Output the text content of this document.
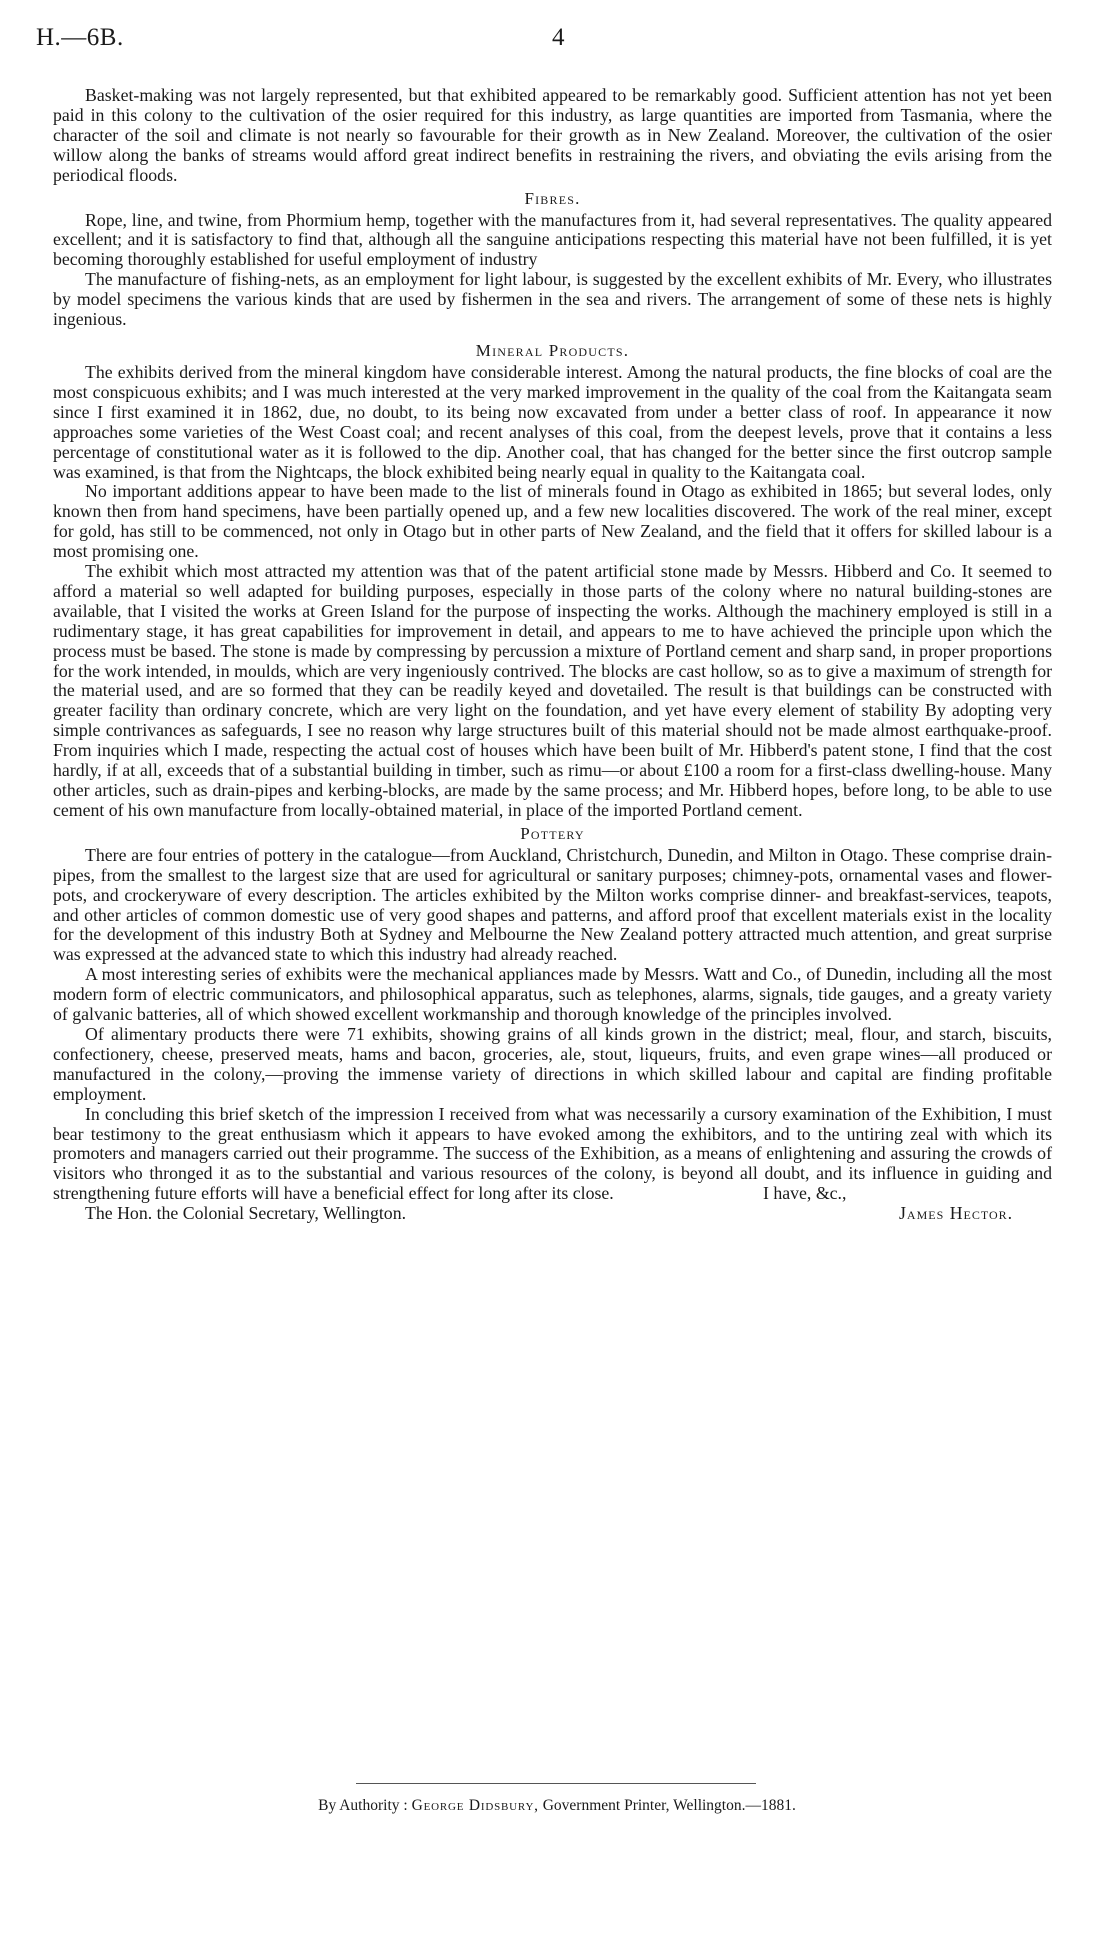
H.—6B.	4

Basket-making was not largely represented, but that exhibited appeared to be remarkably good. Sufficient attention has not yet been paid in this colony to the cultivation of the osier required for this industry, as large quantities are imported from Tasmania, where the character of the soil and climate is not nearly so favourable for their growth as in New Zealand. Moreover, the cultivation of the osier willow along the banks of streams would afford great indirect benefits in restraining the rivers, and obviating the evils arising from the periodical floods.

Fibres.

Rope, line, and twine, from Phormium hemp, together with the manufactures from it, had several representatives. The quality appeared excellent; and it is satisfactory to find that, although all the sanguine anticipations respecting this material have not been fulfilled, it is yet becoming thoroughly established for useful employment of industry

The manufacture of fishing-nets, as an employment for light labour, is suggested by the excellent exhibits of Mr. Every, who illustrates by model specimens the various kinds that are used by fishermen in the sea and rivers. The arrangement of some of these nets is highly ingenious.

Mineral Products.

The exhibits derived from the mineral kingdom have considerable interest. Among the natural products, the fine blocks of coal are the most conspicuous exhibits; and I was much interested at the very marked improvement in the quality of the coal from the Kaitangata seam since I first examined it in 1862, due, no doubt, to its being now excavated from under a better class of roof. In appearance it now approaches some varieties of the West Coast coal; and recent analyses of this coal, from the deepest levels, prove that it contains a less percentage of constitutional water as it is followed to the dip. Another coal, that has changed for the better since the first outcrop sample was examined, is that from the Nightcaps, the block exhibited being nearly equal in quality to the Kaitangata coal.

No important additions appear to have been made to the list of minerals found in Otago as exhibited in 1865; but several lodes, only known then from hand specimens, have been partially opened up, and a few new localities discovered. The work of the real miner, except for gold, has still to be commenced, not only in Otago but in other parts of New Zealand, and the field that it offers for skilled labour is a most promising one.

The exhibit which most attracted my attention was that of the patent artificial stone made by Messrs. Hibberd and Co. It seemed to afford a material so well adapted for building purposes, especially in those parts of the colony where no natural building-stones are available, that I visited the works at Green Island for the purpose of inspecting the works. Although the machinery employed is still in a rudimentary stage, it has great capabilities for improvement in detail, and appears to me to have achieved the principle upon which the process must be based. The stone is made by compressing by percussion a mixture of Portland cement and sharp sand, in proper proportions for the work intended, in moulds, which are very ingeniously contrived. The blocks are cast hollow, so as to give a maximum of strength for the material used, and are so formed that they can be readily keyed and dovetailed. The result is that buildings can be constructed with greater facility than ordinary concrete, which are very light on the foundation, and yet have every element of stability By adopting very simple contrivances as safeguards, I see no reason why large structures built of this material should not be made almost earthquake-proof. From inquiries which I made, respecting the actual cost of houses which have been built of Mr. Hibberd's patent stone, I find that the cost hardly, if at all, exceeds that of a substantial building in timber, such as rimu—or about £100 a room for a first-class dwelling-house. Many other articles, such as drain-pipes and kerbing-blocks, are made by the same process; and Mr. Hibberd hopes, before long, to be able to use cement of his own manufacture from locally-obtained material, in place of the imported Portland cement.

Pottery

There are four entries of pottery in the catalogue—from Auckland, Christchurch, Dunedin, and Milton in Otago. These comprise drain-pipes, from the smallest to the largest size that are used for agricultural or sanitary purposes; chimney-pots, ornamental vases and flower-pots, and crockeryware of every description. The articles exhibited by the Milton works comprise dinner- and breakfast-services, teapots, and other articles of common domestic use of very good shapes and patterns, and afford proof that excellent materials exist in the locality for the development of this industry Both at Sydney and Melbourne the New Zealand pottery attracted much attention, and great surprise was expressed at the advanced state to which this industry had already reached.

A most interesting series of exhibits were the mechanical appliances made by Messrs. Watt and Co., of Dunedin, including all the most modern form of electric communicators, and philosophical apparatus, such as telephones, alarms, signals, tide gauges, and a greaty variety of galvanic batteries, all of which showed excellent workmanship and thorough knowledge of the principles involved.

Of alimentary products there were 71 exhibits, showing grains of all kinds grown in the district; meal, flour, and starch, biscuits, confectionery, cheese, preserved meats, hams and bacon, groceries, ale, stout, liqueurs, fruits, and even grape wines—all produced or manufactured in the colony,—proving the immense variety of directions in which skilled labour and capital are finding profitable employment.

In concluding this brief sketch of the impression I received from what was necessarily a cursory examination of the Exhibition, I must bear testimony to the great enthusiasm which it appears to have evoked among the exhibitors, and to the untiring zeal with which its promoters and managers carried out their programme. The success of the Exhibition, as a means of enlightening and assuring the crowds of visitors who thronged it as to the substantial and various resources of the colony, is beyond all doubt, and its influence in guiding and strengthening future efforts will have a beneficial effect for long after its close.	I have, &c.,
The Hon. the Colonial Secretary, Wellington.	James Hector.
By Authority : George Didsbury, Government Printer, Wellington.—1881.
